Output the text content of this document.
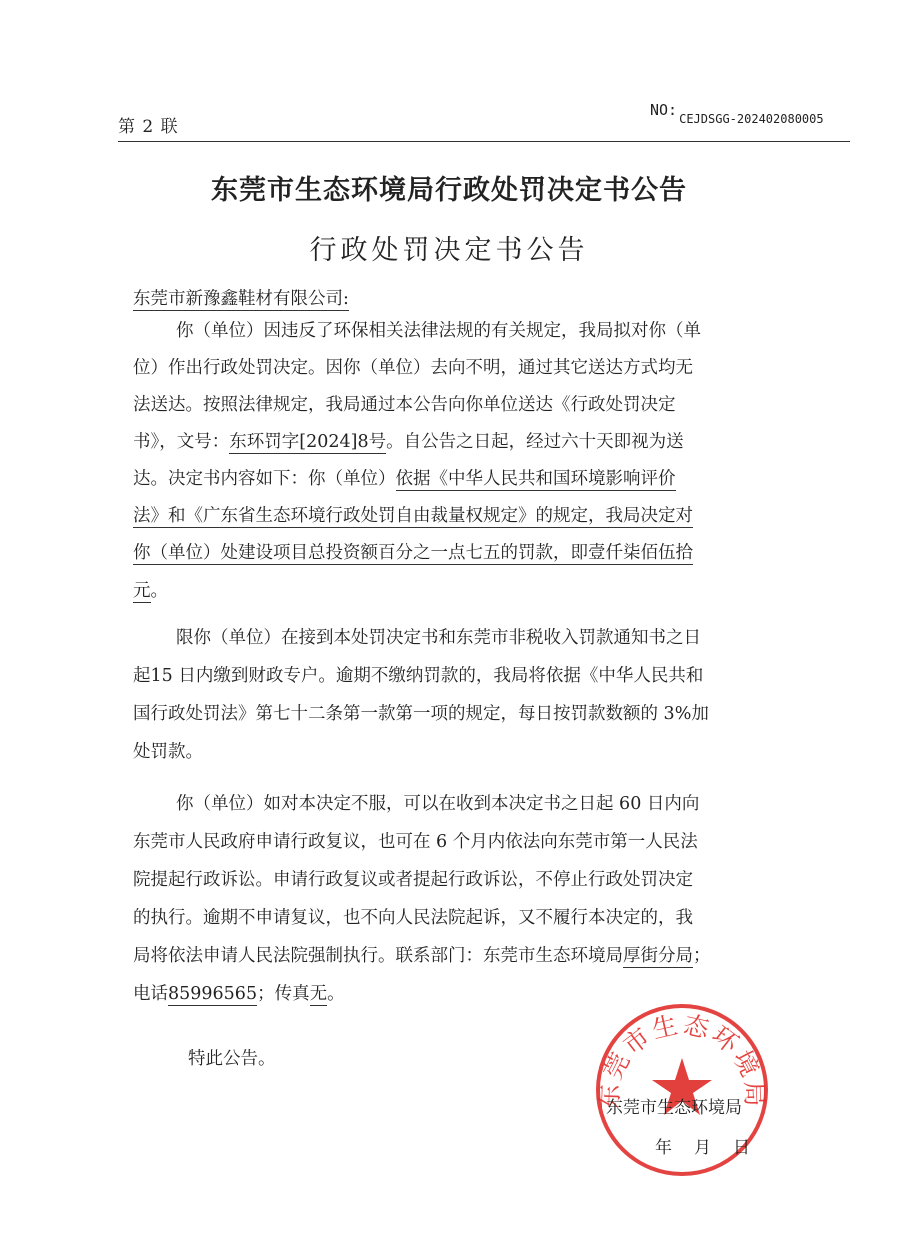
第 2 联
NO: $_{CEJDSGG-202402080005}$
东莞市生态环境局行政处罚决定书公告
行政处罚决定书公告
东莞市新豫鑫鞋材有限公司:
你（单位）因违反了环保相关法律法规的有关规定，我局拟对你（单
位）作出行政处罚决定。因你（单位）去向不明，通过其它送达方式均无
法送达。按照法律规定，我局通过本公告向你单位送达《行政处罚决定
书》，文号：东环罚字[2024]8号。自公告之日起，经过六十天即视为送
达。决定书内容如下：你（单位）依据《中华人民共和国环境影响评价
法》和《广东省生态环境行政处罚自由裁量权规定》的规定，我局决定对
你（单位）处建设项目总投资额百分之一点七五的罚款，即壹仟柒佰伍拾
元。
限你（单位）在接到本处罚决定书和东莞市非税收入罚款通知书之日
起15 日内缴到财政专户。逾期不缴纳罚款的，我局将依据《中华人民共和
国行政处罚法》第七十二条第一款第一项的规定，每日按罚款数额的 3%加
处罚款。
你（单位）如对本决定不服，可以在收到本决定书之日起 60 日内向
东莞市人民政府申请行政复议，也可在 6 个月内依法向东莞市第一人民法
院提起行政诉讼。申请行政复议或者提起行政诉讼，不停止行政处罚决定
的执行。逾期不申请复议，也不向人民法院起诉，又不履行本决定的，我
局将依法申请人民法院强制执行。联系部门：东莞市生态环境局厚街分局；
电话85996565；传真无。
特此公告。
东莞市生态环境局
东莞市生态环境局
年 月 日
